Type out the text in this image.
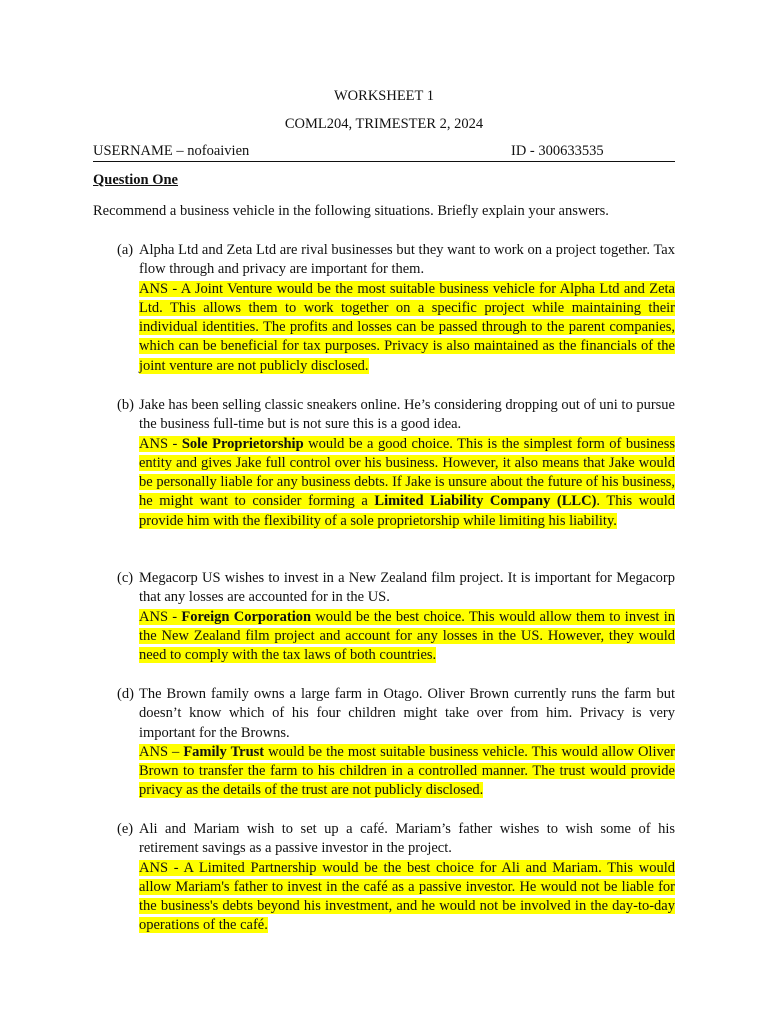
WORKSHEET 1
COML204, TRIMESTER 2, 2024
USERNAME – nofoaivien	ID - 300633535
Question One
Recommend a business vehicle in the following situations. Briefly explain your answers.
(a) Alpha Ltd and Zeta Ltd are rival businesses but they want to work on a project together. Tax flow through and privacy are important for them.
ANS - A Joint Venture would be the most suitable business vehicle for Alpha Ltd and Zeta Ltd. This allows them to work together on a specific project while maintaining their individual identities. The profits and losses can be passed through to the parent companies, which can be beneficial for tax purposes. Privacy is also maintained as the financials of the joint venture are not publicly disclosed.
(b) Jake has been selling classic sneakers online. He’s considering dropping out of uni to pursue the business full-time but is not sure this is a good idea.
ANS - Sole Proprietorship would be a good choice. This is the simplest form of business entity and gives Jake full control over his business. However, it also means that Jake would be personally liable for any business debts. If Jake is unsure about the future of his business, he might want to consider forming a Limited Liability Company (LLC). This would provide him with the flexibility of a sole proprietorship while limiting his liability.
(c) Megacorp US wishes to invest in a New Zealand film project. It is important for Megacorp that any losses are accounted for in the US.
ANS - Foreign Corporation would be the best choice. This would allow them to invest in the New Zealand film project and account for any losses in the US. However, they would need to comply with the tax laws of both countries.
(d) The Brown family owns a large farm in Otago. Oliver Brown currently runs the farm but doesn’t know which of his four children might take over from him. Privacy is very important for the Browns.
ANS – Family Trust would be the most suitable business vehicle. This would allow Oliver Brown to transfer the farm to his children in a controlled manner. The trust would provide privacy as the details of the trust are not publicly disclosed.
(e) Ali and Mariam wish to set up a café. Mariam’s father wishes to wish some of his retirement savings as a passive investor in the project.
ANS - A Limited Partnership would be the best choice for Ali and Mariam. This would allow Mariam's father to invest in the café as a passive investor. He would not be liable for the business's debts beyond his investment, and he would not be involved in the day-to-day operations of the café.
